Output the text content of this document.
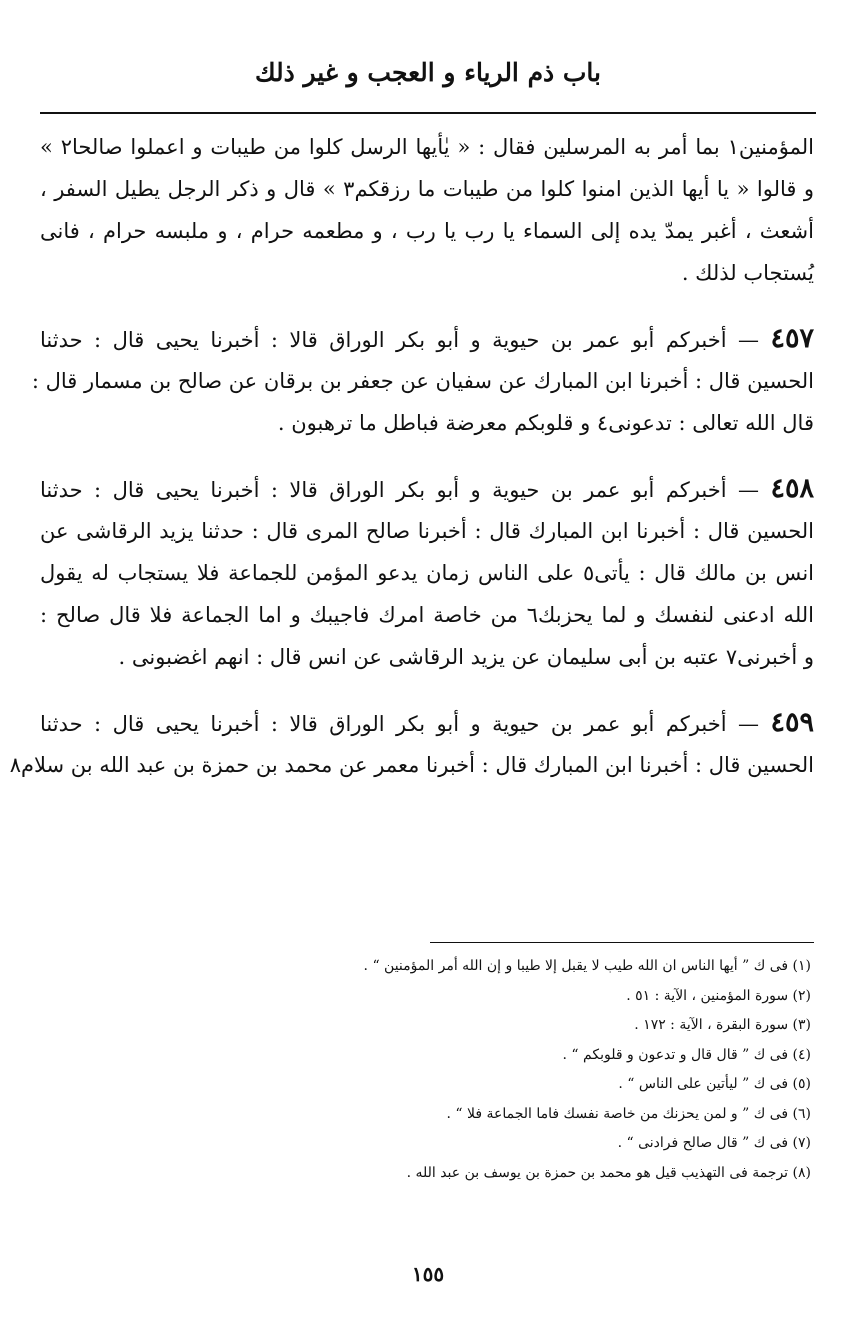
باب ذم الرياء و العجب و غير ذلك
المؤمنين١ بما أمر به المرسلين فقال : « يٰأيها الرسل كلوا من طيبات و اعملوا صالحا٢ »
و قالوا « يا أيها الذين امنوا كلوا من طيبات ما رزقكم٣ » قال و ذكر الرجل يطيل السفر ،
أشعث ، أغبر يمدّ يده إلى السماء يا رب يا رب ، و مطعمه حرام ، و ملبسه حرام ، فانى
يُستجاب لذلك .
٤٥٧ — أخبركم أبو عمر بن حيوية و أبو بكر الوراق قالا : أخبرنا يحيى قال : حدثنا
الحسين قال : أخبرنا ابن المبارك عن سفيان عن جعفر بن برقان عن صالح بن مسمار قال :
قال الله تعالى : تدعونى٤ و قلوبكم معرضة فباطل ما ترهبون .
٤٥٨ — أخبركم أبو عمر بن حيوية و أبو بكر الوراق قالا : أخبرنا يحيى قال : حدثنا
الحسين قال : أخبرنا ابن المبارك قال : أخبرنا صالح المرى قال : حدثنا يزيد الرقاشى عن
انس بن مالك قال : يأتى٥ على الناس زمان يدعو المؤمن للجماعة فلا يستجاب له يقول
الله ادعنى لنفسك و لما يحزبك٦ من خاصة امرك فاجيبك و اما الجماعة فلا قال صالح :
و أخبرنى٧ عتبه بن أبى سليمان عن يزيد الرقاشى عن انس قال : انهم اغضبونى .
٤٥٩ — أخبركم أبو عمر بن حيوية و أبو بكر الوراق قالا : أخبرنا يحيى قال : حدثنا
الحسين قال : أخبرنا ابن المبارك قال : أخبرنا معمر عن محمد بن حمزة بن عبد الله بن سلام٨
(١) فى ك ” أيها الناس ان الله طيب لا يقبل إلا طيبا و إن الله أمر المؤمنين “ .
(٢) سورة المؤمنين ، الآية : ٥١ .
(٣) سورة البقرة ، الآية : ١٧٢ .
(٤) فى ك ” قال قال و تدعون و قلوبكم “ .
(٥) فى ك ” ليأتين على الناس “ .
(٦) فى ك ” و لمن يحزنك من خاصة نفسك فاما الجماعة فلا “ .
(٧) فى ك ” قال صالح فرادنى “ .
(٨) ترجمة فى التهذيب قيل هو محمد بن حمزة بن يوسف بن عبد الله .
١٥٥
